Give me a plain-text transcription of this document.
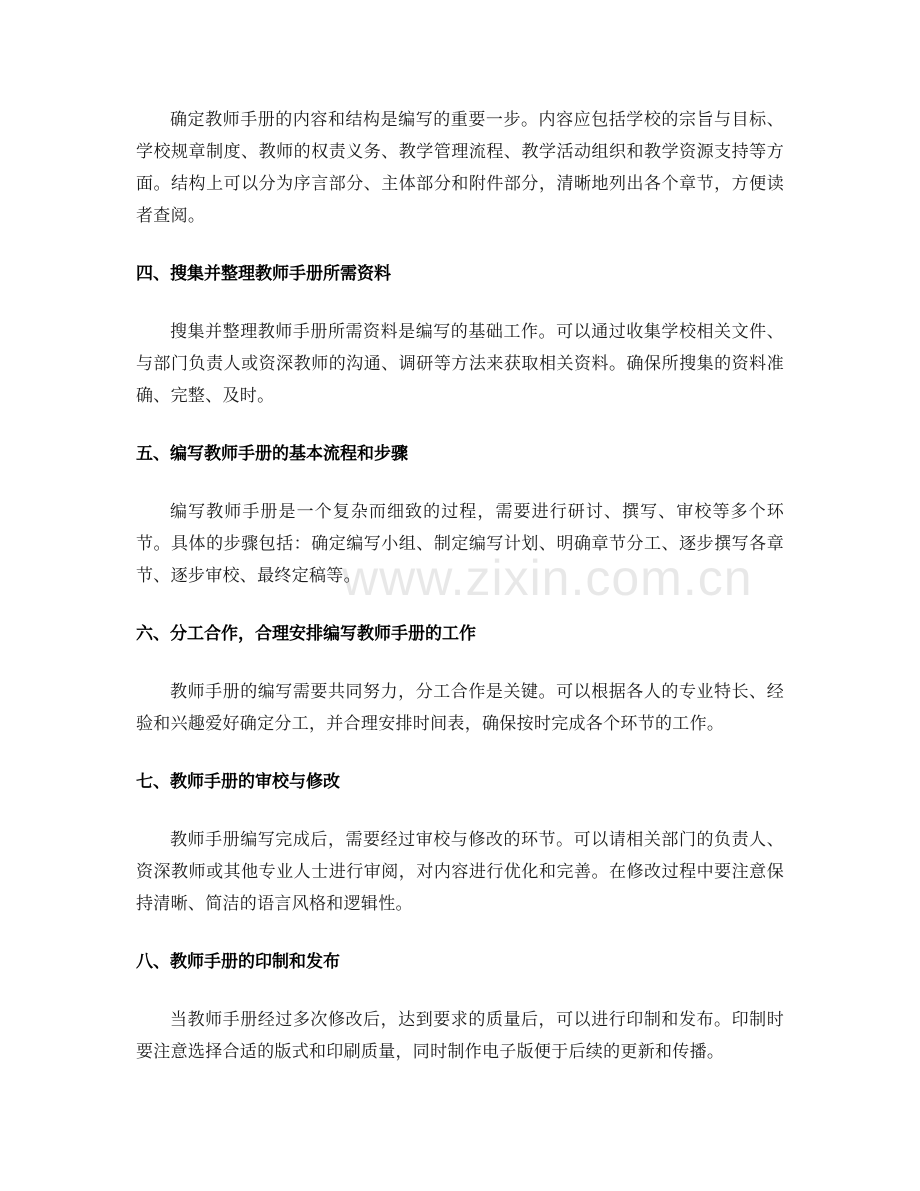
确定教师手册的内容和结构是编写的重要一步。内容应包括学校的宗旨与目标、学校规章制度、教师的权责义务、教学管理流程、教学活动组织和教学资源支持等方面。结构上可以分为序言部分、主体部分和附件部分，清晰地列出各个章节，方便读者查阅。

四、搜集并整理教师手册所需资料

搜集并整理教师手册所需资料是编写的基础工作。可以通过收集学校相关文件、与部门负责人或资深教师的沟通、调研等方法来获取相关资料。确保所搜集的资料准确、完整、及时。

五、编写教师手册的基本流程和步骤

编写教师手册是一个复杂而细致的过程，需要进行研讨、撰写、审校等多个环节。具体的步骤包括：确定编写小组、制定编写计划、明确章节分工、逐步撰写各章节、逐步审校、最终定稿等。

六、分工合作，合理安排编写教师手册的工作

教师手册的编写需要共同努力，分工合作是关键。可以根据各人的专业特长、经验和兴趣爱好确定分工，并合理安排时间表，确保按时完成各个环节的工作。

七、教师手册的审校与修改

教师手册编写完成后，需要经过审校与修改的环节。可以请相关部门的负责人、资深教师或其他专业人士进行审阅，对内容进行优化和完善。在修改过程中要注意保持清晰、简洁的语言风格和逻辑性。

八、教师手册的印制和发布

当教师手册经过多次修改后，达到要求的质量后，可以进行印制和发布。印制时要注意选择合适的版式和印刷质量，同时制作电子版便于后续的更新和传播。

www.zixin.com.cn
